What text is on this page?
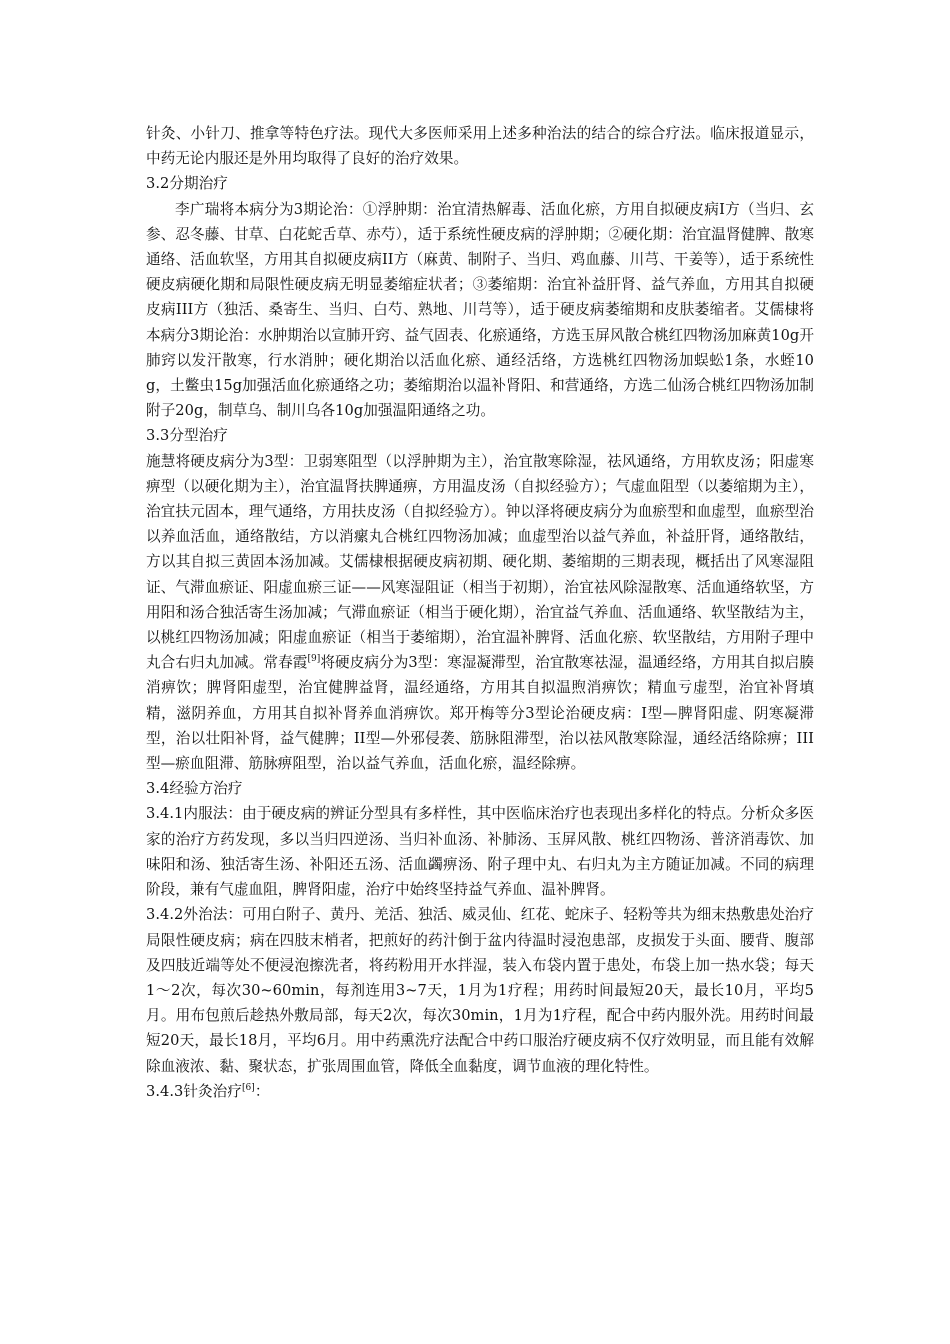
针灸、小针刀、推拿等特色疗法。现代大多医师采用上述多种治法的结合的综合疗法。临床报道显示，中药无论内服还是外用均取得了良好的治疗效果。

3.2分期治疗

李广瑞将本病分为3期论治：①浮肿期：治宜清热解毒、活血化瘀，方用自拟硬皮病Ⅰ方（当归、玄参、忍冬藤、甘草、白花蛇舌草、赤芍），适于系统性硬皮病的浮肿期；②硬化期：治宜温肾健脾、散寒通络、活血软坚，方用其自拟硬皮病II方（麻黄、制附子、当归、鸡血藤、川芎、干姜等），适于系统性硬皮病硬化期和局限性硬皮病无明显萎缩症状者；③萎缩期：治宜补益肝肾、益气养血，方用其自拟硬皮病III方（独活、桑寄生、当归、白芍、熟地、川芎等），适于硬皮病萎缩期和皮肤萎缩者。艾儒棣将本病分3期论治：水肿期治以宣肺开窍、益气固表、化瘀通络，方选玉屏风散合桃红四物汤加麻黄10g开肺窍以发汗散寒，行水消肿；硬化期治以活血化瘀、通经活络，方选桃红四物汤加蜈蚣1条，水蛭10 g，土鳖虫15g加强活血化瘀通络之功；萎缩期治以温补肾阳、和营通络，方选二仙汤合桃红四物汤加制附子20g，制草乌、制川乌各10g加强温阳通络之功。

3.3分型治疗

施慧将硬皮病分为3型：卫弱寒阻型（以浮肿期为主），治宜散寒除湿，祛风通络，方用软皮汤；阳虚寒痹型（以硬化期为主），治宜温肾扶脾通痹，方用温皮汤（自拟经验方）；气虚血阻型（以萎缩期为主），治宜扶元固本，理气通络，方用扶皮汤（自拟经验方）。钟以泽将硬皮病分为血瘀型和血虚型，血瘀型治以养血活血，通络散结，方以消瘰丸合桃红四物汤加减；血虚型治以益气养血，补益肝肾，通络散结，方以其自拟三黄固本汤加减。艾儒棣根据硬皮病初期、硬化期、萎缩期的三期表现，概括出了风寒湿阻证、气滞血瘀证、阳虚血瘀三证——风寒湿阻证（相当于初期），治宜祛风除湿散寒、活血通络软坚，方用阳和汤合独活寄生汤加减；气滞血瘀证（相当于硬化期），治宜益气养血、活血通络、软坚散结为主，以桃红四物汤加减；阳虚血瘀证（相当于萎缩期），治宜温补脾肾、活血化瘀、软坚散结，方用附子理中丸合右归丸加减。常春霞[9]将硬皮病分为3型：寒湿凝滞型，治宜散寒祛湿，温通经络，方用其自拟启腠消痹饮；脾肾阳虚型，治宜健脾益肾，温经通络，方用其自拟温煦消痹饮；精血亏虚型，治宜补肾填精，滋阴养血，方用其自拟补肾养血消痹饮。郑开梅等分3型论治硬皮病：Ⅰ型—脾肾阳虚、阴寒凝滞型，治以壮阳补肾，益气健脾；II型—外邪侵袭、筋脉阻滞型，治以祛风散寒除湿，通经活络除痹；III型—瘀血阻滞、筋脉痹阻型，治以益气养血，活血化瘀，温经除痹。

3.4经验方治疗

3.4.1内服法：由于硬皮病的辨证分型具有多样性，其中医临床治疗也表现出多样化的特点。分析众多医家的治疗方药发现，多以当归四逆汤、当归补血汤、补肺汤、玉屏风散、桃红四物汤、普济消毒饮、加味阳和汤、独活寄生汤、补阳还五汤、活血蠲痹汤、附子理中丸、右归丸为主方随证加减。不同的病理阶段，兼有气虚血阻，脾肾阳虚，治疗中始终坚持益气养血、温补脾肾。

3.4.2外治法：可用白附子、黄丹、羌活、独活、威灵仙、红花、蛇床子、轻粉等共为细末热敷患处治疗局限性硬皮病；病在四肢末梢者，把煎好的药汁倒于盆内待温时浸泡患部，皮损发于头面、腰背、腹部及四肢近端等处不便浸泡擦洗者，将药粉用开水拌湿，装入布袋内置于患处，布袋上加一热水袋；每天1～2次，每次30~60min，每剂连用3~7天，1月为1疗程；用药时间最短20天，最长10月，平均5月。用布包煎后趁热外敷局部，每天2次，每次30min，1月为1疗程，配合中药内服外洗。用药时间最短20天，最长18月，平均6月。用中药熏洗疗法配合中药口服治疗硬皮病不仅疗效明显，而且能有效解除血液浓、黏、聚状态，扩张周围血管，降低全血黏度，调节血液的理化特性。

3.4.3针灸治疗[6]：
